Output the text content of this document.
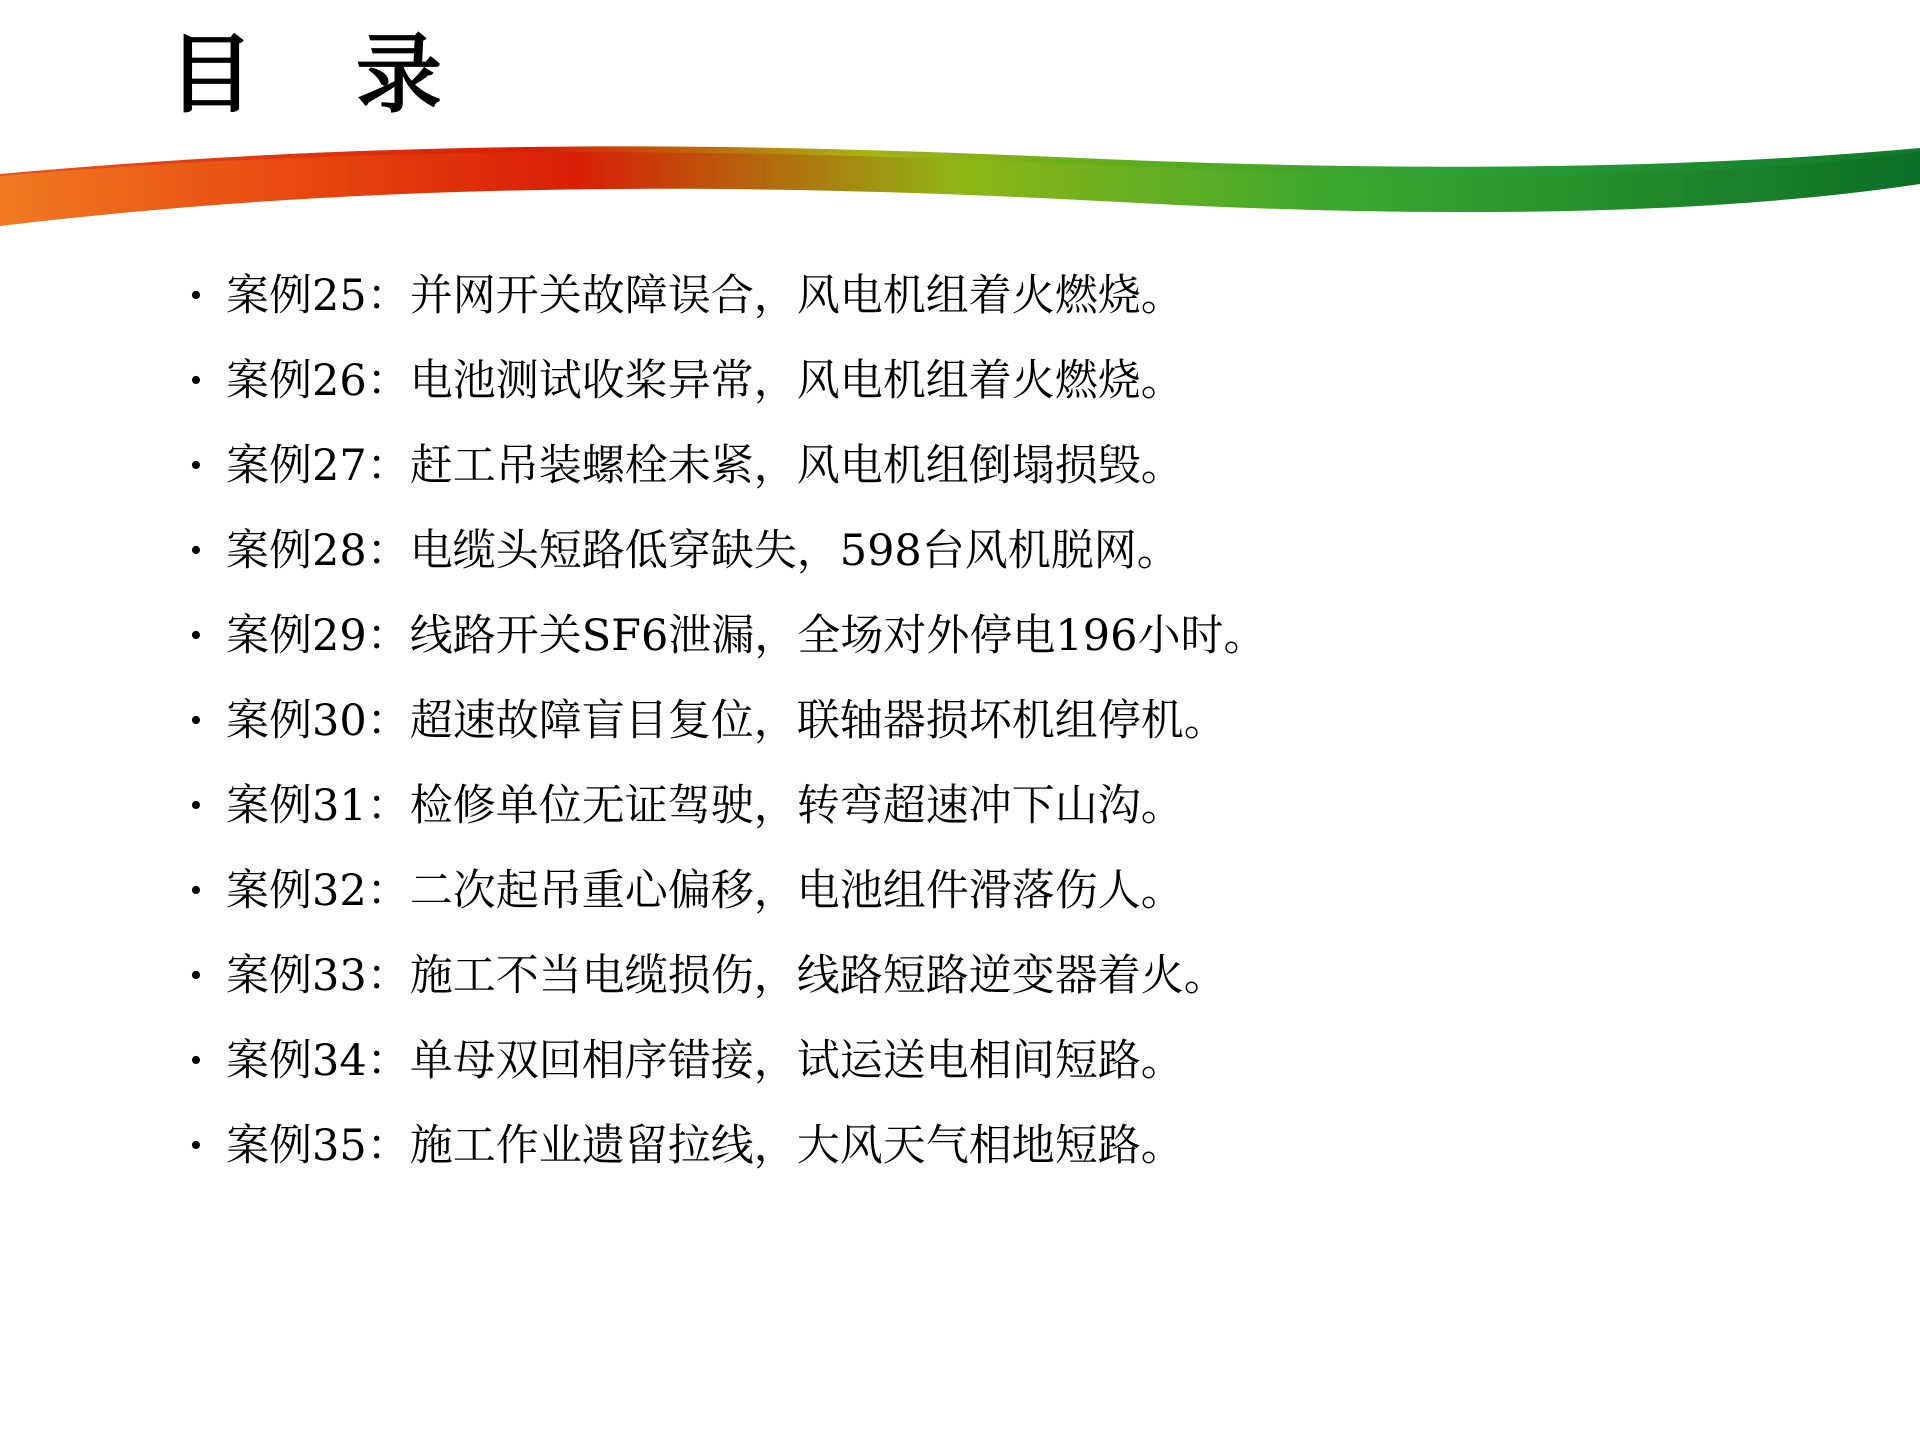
目  录
• 案例25：并网开关故障误合，风电机组着火燃烧。
• 案例26：电池测试收桨异常，风电机组着火燃烧。
• 案例27：赶工吊装螺栓未紧，风电机组倒塌损毁。
• 案例28：电缆头短路低穿缺失，598台风机脱网。
• 案例29：线路开关SF6泄漏，全场对外停电196小时。
• 案例30：超速故障盲目复位，联轴器损坏机组停机。
• 案例31：检修单位无证驾驶，转弯超速冲下山沟。
• 案例32：二次起吊重心偏移，电池组件滑落伤人。
• 案例33：施工不当电缆损伤，线路短路逆变器着火。
• 案例34：单母双回相序错接，试运送电相间短路。
• 案例35：施工作业遗留拉线，大风天气相地短路。
